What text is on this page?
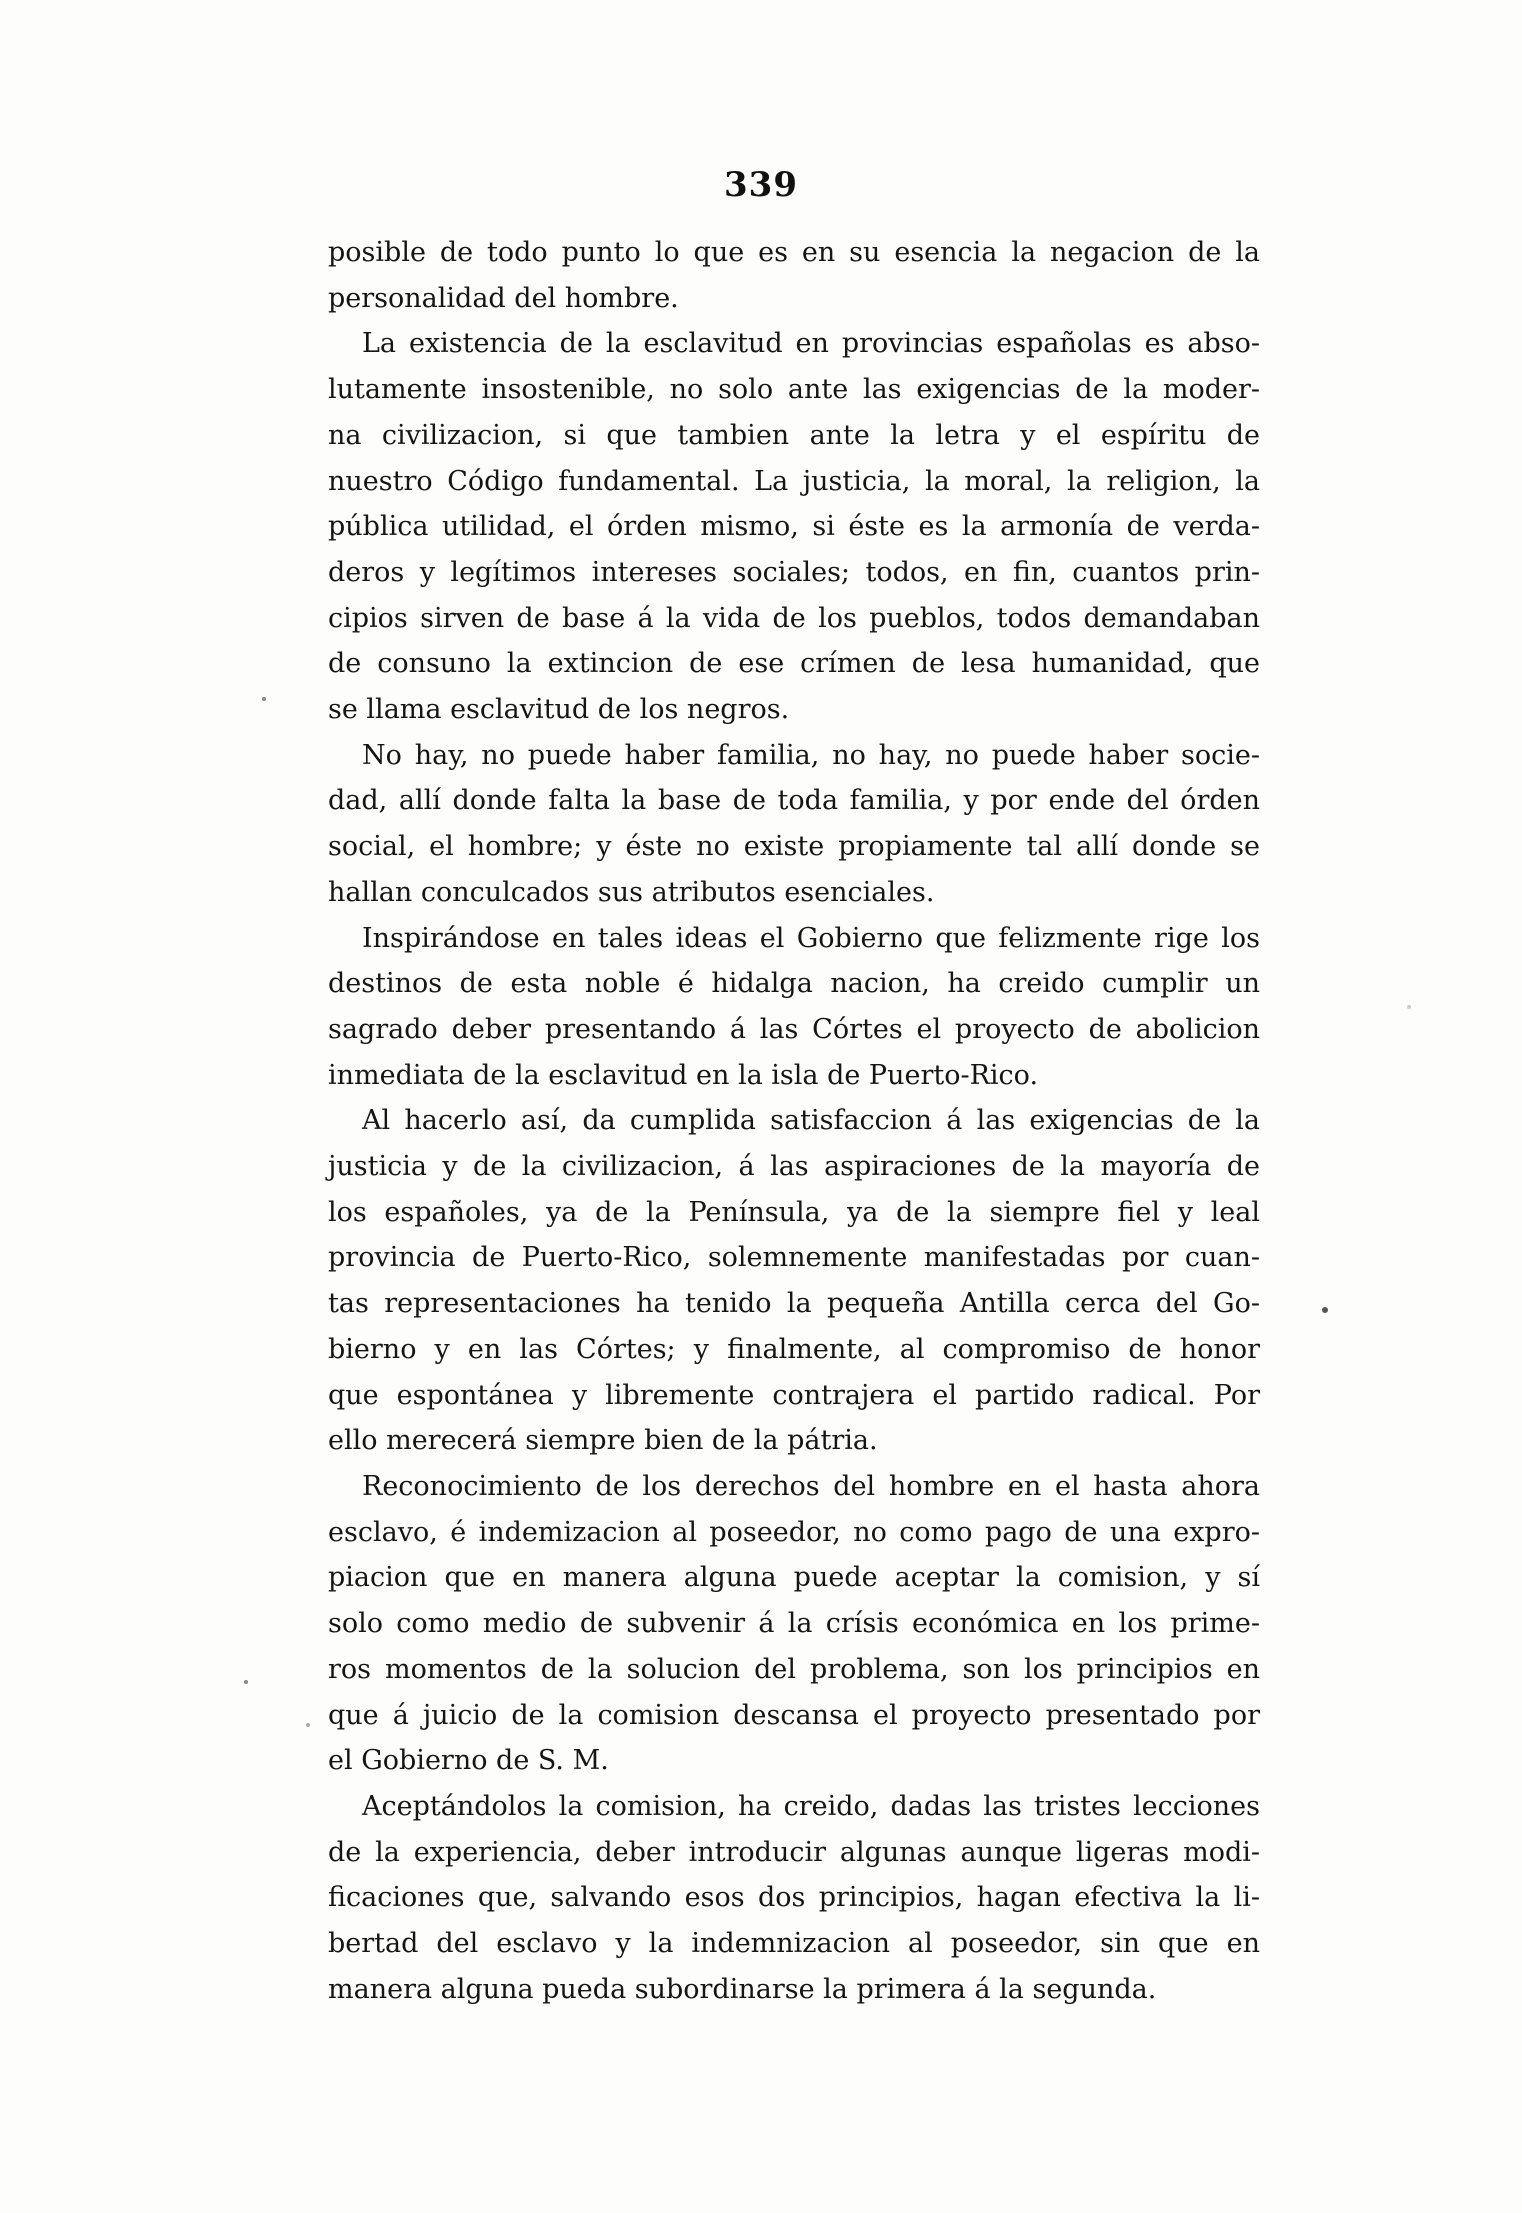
339

posible de todo punto lo que es en su esencia la negacion de la
personalidad del hombre.

La existencia de la esclavitud en provincias españolas es abso-
lutamente insostenible, no solo ante las exigencias de la moder-
na civilizacion, si que tambien ante la letra y el espíritu de
nuestro Código fundamental. La justicia, la moral, la religion, la
pública utilidad, el órden mismo, si éste es la armonía de verda-
deros y legítimos intereses sociales; todos, en fin, cuantos prin-
cipios sirven de base á la vida de los pueblos, todos demandaban
de consuno la extincion de ese crímen de lesa humanidad, que
se llama esclavitud de los negros.

No hay, no puede haber familia, no hay, no puede haber socie-
dad, allí donde falta la base de toda familia, y por ende del órden
social, el hombre; y éste no existe propiamente tal allí donde se
hallan conculcados sus atributos esenciales.

Inspirándose en tales ideas el Gobierno que felizmente rige los
destinos de esta noble é hidalga nacion, ha creido cumplir un
sagrado deber presentando á las Córtes el proyecto de abolicion
inmediata de la esclavitud en la isla de Puerto-Rico.

Al hacerlo así, da cumplida satisfaccion á las exigencias de la
justicia y de la civilizacion, á las aspiraciones de la mayoría de
los españoles, ya de la Península, ya de la siempre fiel y leal
provincia de Puerto-Rico, solemnemente manifestadas por cuan-
tas representaciones ha tenido la pequeña Antilla cerca del Go-
bierno y en las Córtes; y finalmente, al compromiso de honor
que espontánea y libremente contrajera el partido radical. Por
ello merecerá siempre bien de la pátria.

Reconocimiento de los derechos del hombre en el hasta ahora
esclavo, é indemizacion al poseedor, no como pago de una expro-
piacion que en manera alguna puede aceptar la comision, y sí
solo como medio de subvenir á la crísis económica en los prime-
ros momentos de la solucion del problema, son los principios en
que á juicio de la comision descansa el proyecto presentado por
el Gobierno de S. M.

Aceptándolos la comision, ha creido, dadas las tristes lecciones
de la experiencia, deber introducir algunas aunque ligeras modi-
ficaciones que, salvando esos dos principios, hagan efectiva la li-
bertad del esclavo y la indemnizacion al poseedor, sin que en
manera alguna pueda subordinarse la primera á la segunda.
